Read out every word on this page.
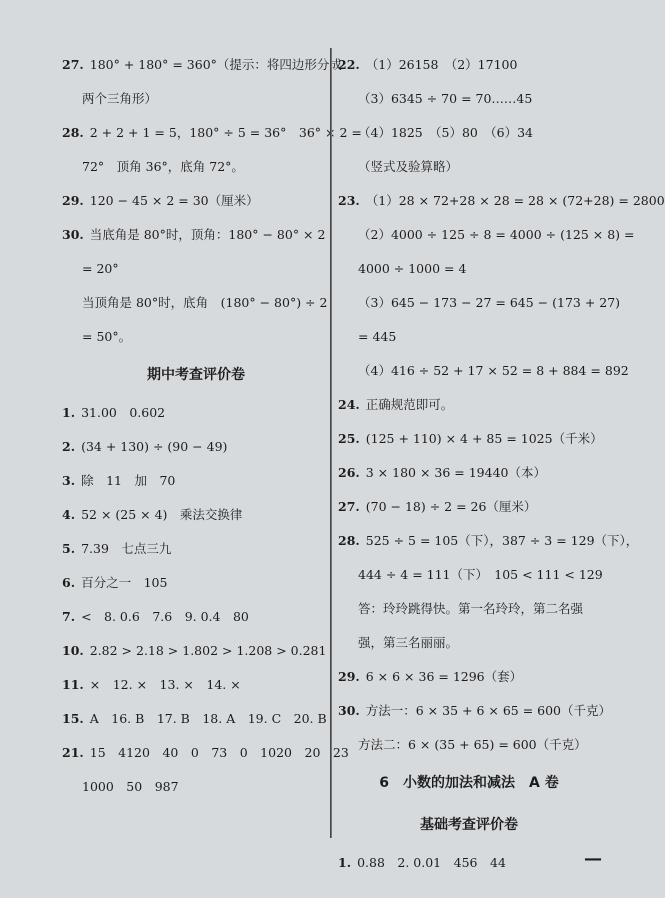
27. 180° + 180° = 360°（提示：将四边形分成
两个三角形）
28. 2 + 2 + 1 = 5，180° ÷ 5 = 36°　36° × 2 =
72°　顶角 36°，底角 72°。
29. 120 − 45 × 2 = 30（厘米）
30. 当底角是 80°时，顶角：180° − 80° × 2
= 20°
当顶角是 80°时，底角　(180° − 80°) ÷ 2
= 50°。
期中考查评价卷
1. 31.00　0.602
2. (34 + 130) ÷ (90 − 49)
3. 除　11　加　70
4. 52 × (25 × 4)　乘法交换律
5. 7.39　七点三九
6. 百分之一　105
7. <　8. 0.6　7.6　9. 0.4　80
10. 2.82 > 2.18 > 1.802 > 1.208 > 0.281
11. ×　12. ×　13. ×　14. ×
15. A　16. B　17. B　18. A　19. C　20. B
21. 15　4120　40　0　73　0　1020　20　23
1000　50　987
22. （1）26158　（2）17100
（3）6345 ÷ 70 = 70……45
（4）1825　（5）80　（6）34
（竖式及验算略）
23. （1）28 × 72+28 × 28 = 28 × (72+28) = 2800
（2）4000 ÷ 125 ÷ 8 = 4000 ÷ (125 × 8) =
4000 ÷ 1000 = 4
（3）645 − 173 − 27 = 645 − (173 + 27)
= 445
（4）416 ÷ 52 + 17 × 52 = 8 + 884 = 892
24. 正确规范即可。
25. (125 + 110) × 4 + 85 = 1025（千米）
26. 3 × 180 × 36 = 19440（本）
27. (70 − 18) ÷ 2 = 26（厘米）
28. 525 ÷ 5 = 105（下），387 ÷ 3 = 129（下），
444 ÷ 4 = 111（下）　105 < 111 < 129
答：玲玲跳得快。第一名玲玲，第二名强
强，第三名丽丽。
29. 6 × 6 × 36 = 1296（套）
30. 方法一：6 × 35 + 6 × 65 = 600（千克）
方法二：6 × (35 + 65) = 600（千克）
6　小数的加法和减法　A 卷
基础考查评价卷
1. 0.88　2. 0.01　456　44	—
